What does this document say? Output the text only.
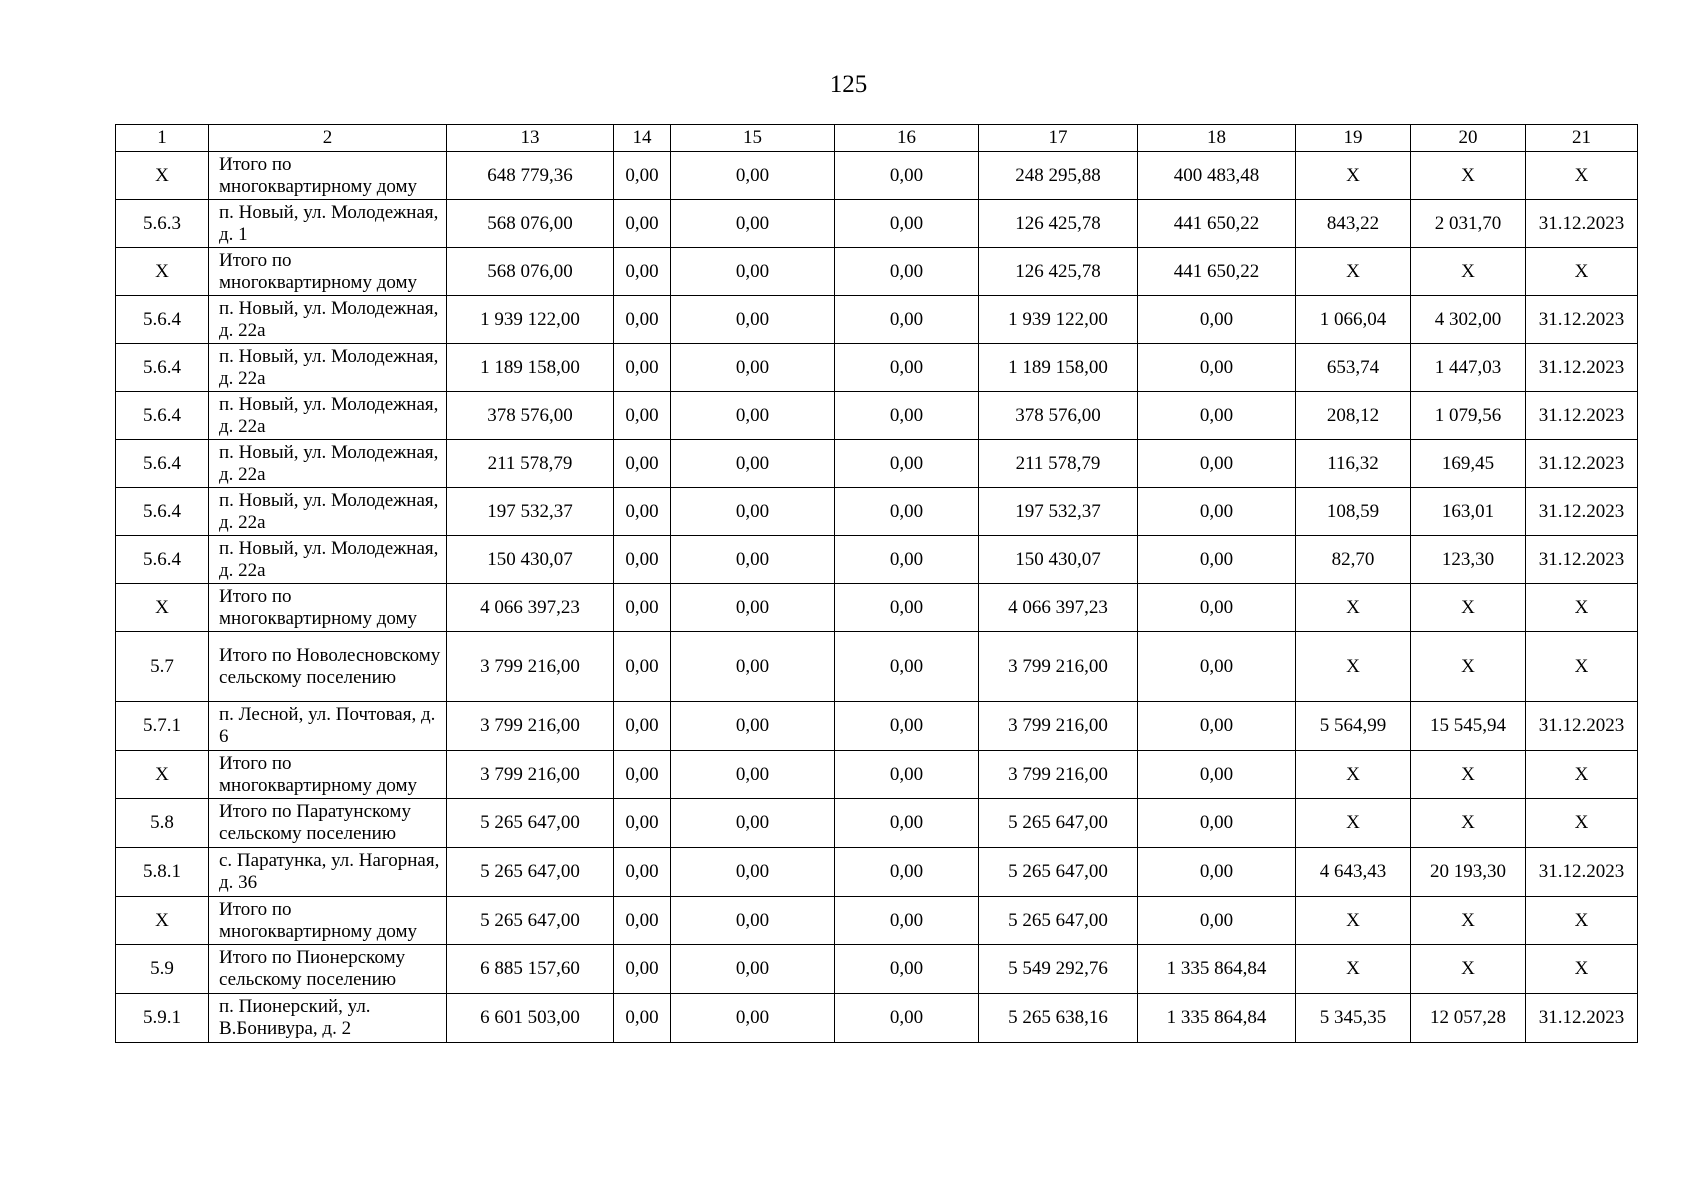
125
1	2	13	14	15	16	17	18	19	20	21
X	Итого по многоквартирному дому	648 779,36	0,00	0,00	0,00	248 295,88	400 483,48	X	X	X
5.6.3	п. Новый, ул. Молодежная, д. 1	568 076,00	0,00	0,00	0,00	126 425,78	441 650,22	843,22	2 031,70	31.12.2023
X	Итого по многоквартирному дому	568 076,00	0,00	0,00	0,00	126 425,78	441 650,22	X	X	X
5.6.4	п. Новый, ул. Молодежная, д. 22а	1 939 122,00	0,00	0,00	0,00	1 939 122,00	0,00	1 066,04	4 302,00	31.12.2023
5.6.4	п. Новый, ул. Молодежная, д. 22а	1 189 158,00	0,00	0,00	0,00	1 189 158,00	0,00	653,74	1 447,03	31.12.2023
5.6.4	п. Новый, ул. Молодежная, д. 22а	378 576,00	0,00	0,00	0,00	378 576,00	0,00	208,12	1 079,56	31.12.2023
5.6.4	п. Новый, ул. Молодежная, д. 22а	211 578,79	0,00	0,00	0,00	211 578,79	0,00	116,32	169,45	31.12.2023
5.6.4	п. Новый, ул. Молодежная, д. 22а	197 532,37	0,00	0,00	0,00	197 532,37	0,00	108,59	163,01	31.12.2023
5.6.4	п. Новый, ул. Молодежная, д. 22а	150 430,07	0,00	0,00	0,00	150 430,07	0,00	82,70	123,30	31.12.2023
X	Итого по многоквартирному дому	4 066 397,23	0,00	0,00	0,00	4 066 397,23	0,00	X	X	X
5.7	Итого по Новолесновскому сельскому поселению	3 799 216,00	0,00	0,00	0,00	3 799 216,00	0,00	X	X	X
5.7.1	п. Лесной, ул. Почтовая, д. 6	3 799 216,00	0,00	0,00	0,00	3 799 216,00	0,00	5 564,99	15 545,94	31.12.2023
X	Итого по многоквартирному дому	3 799 216,00	0,00	0,00	0,00	3 799 216,00	0,00	X	X	X
5.8	Итого по Паратунскому сельскому поселению	5 265 647,00	0,00	0,00	0,00	5 265 647,00	0,00	X	X	X
5.8.1	с. Паратунка, ул. Нагорная, д. 36	5 265 647,00	0,00	0,00	0,00	5 265 647,00	0,00	4 643,43	20 193,30	31.12.2023
X	Итого по многоквартирному дому	5 265 647,00	0,00	0,00	0,00	5 265 647,00	0,00	X	X	X
5.9	Итого по Пионерскому сельскому поселению	6 885 157,60	0,00	0,00	0,00	5 549 292,76	1 335 864,84	X	X	X
5.9.1	п. Пионерский, ул. В.Бонивура, д. 2	6 601 503,00	0,00	0,00	0,00	5 265 638,16	1 335 864,84	5 345,35	12 057,28	31.12.2023
